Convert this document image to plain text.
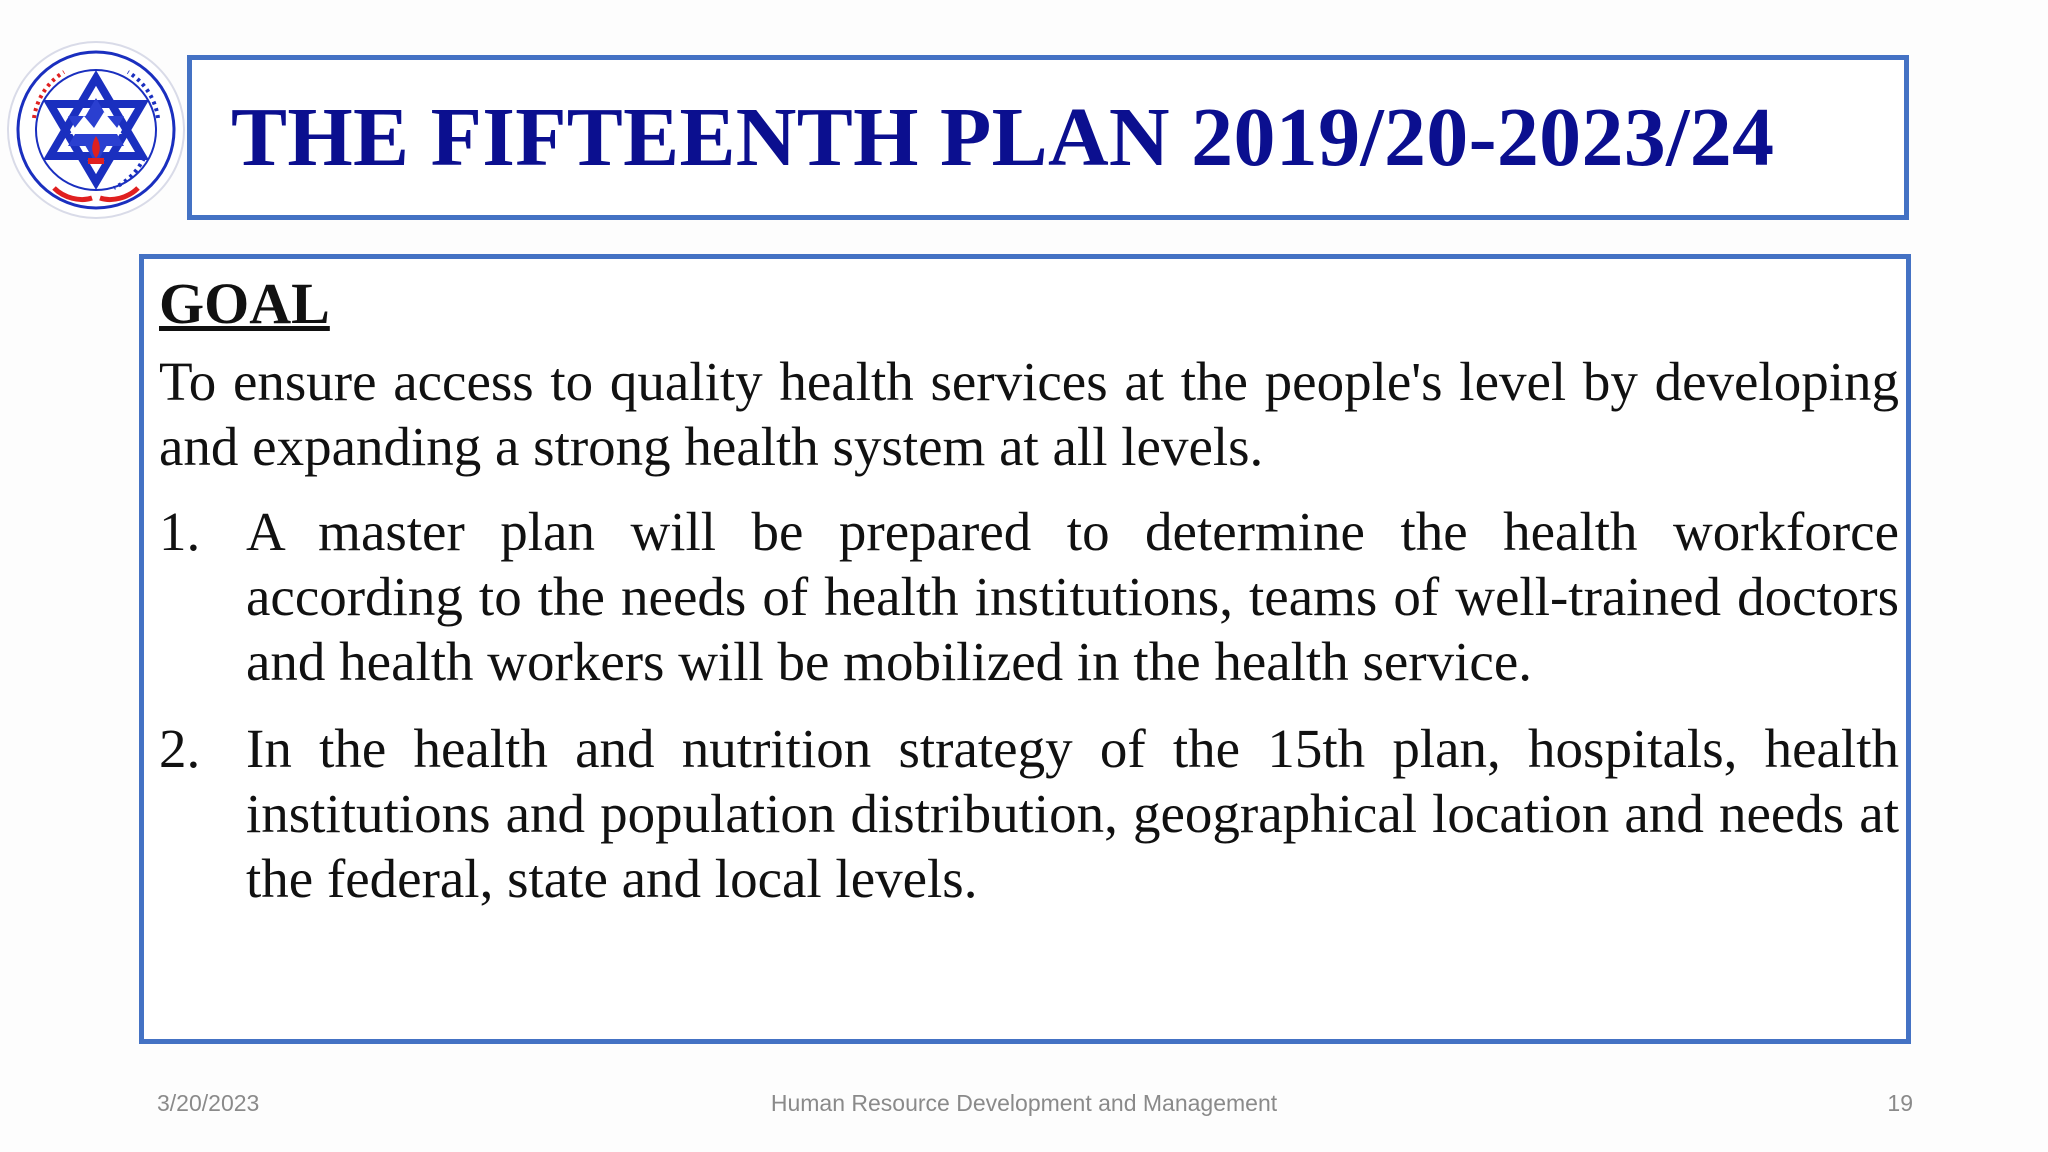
THE FIFTEENTH PLAN 2019/20-2023/24
GOAL
To ensure access to quality health services at the people's level by developing and expanding a strong health system at all levels.
1. A master plan will be prepared to determine the health workforce according to the needs of health institutions, teams of well-trained doctors and health workers will be mobilized in the health service.
2. In the health and nutrition strategy of the 15th plan, hospitals, health institutions and population distribution, geographical location and needs at the federal, state and local levels.
3/20/2023	Human Resource Development and Management	19
